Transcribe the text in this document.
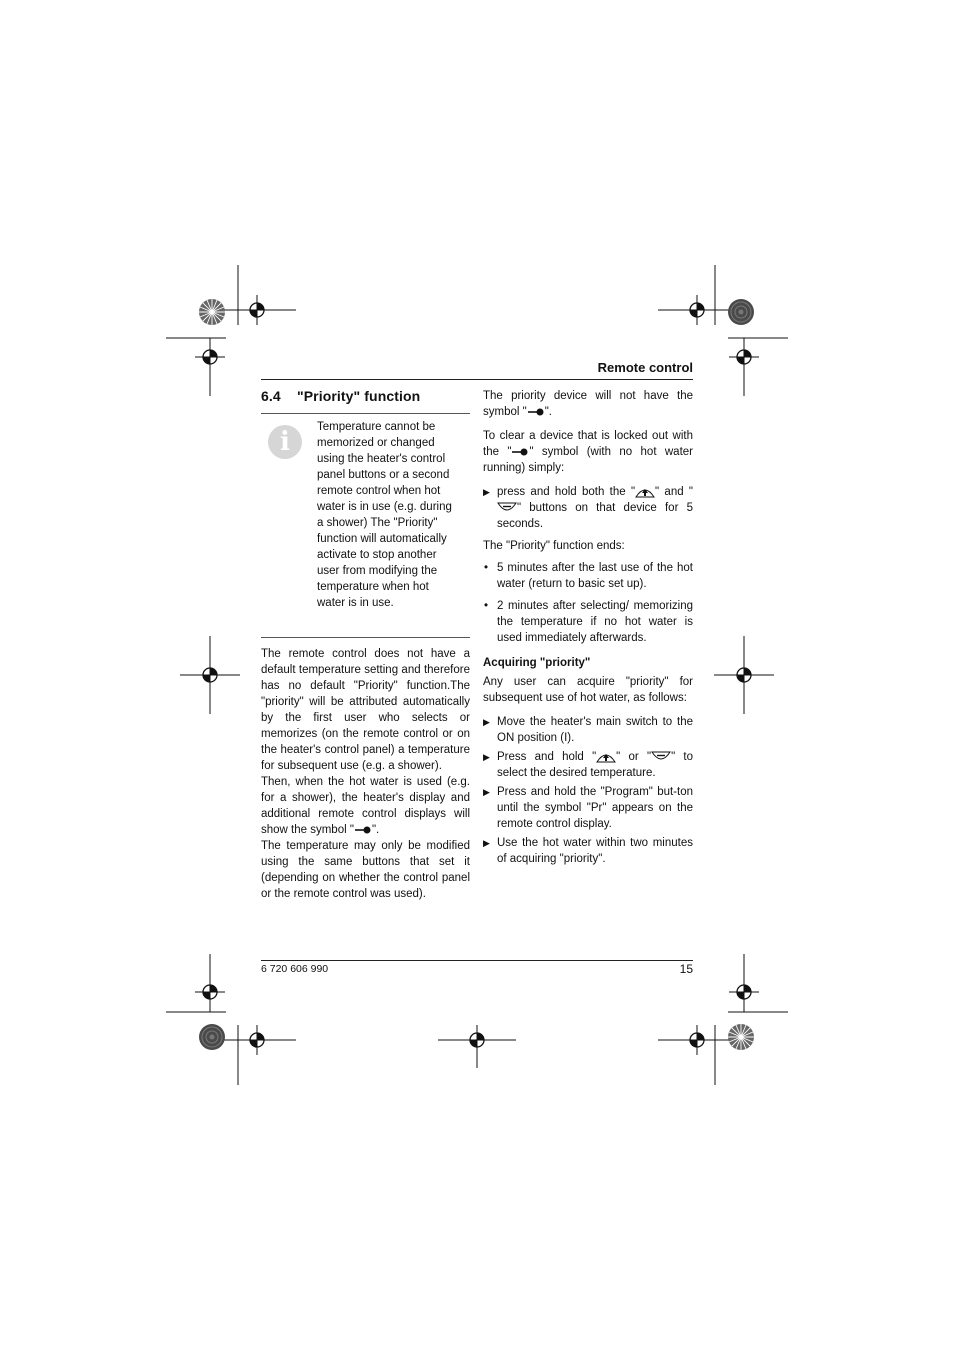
Remote control
6.4 "Priority" function
i	Temperature cannot be memorized or changed using the heater's control panel buttons or a second remote control when hot water is in use (e.g. during a shower) The "Priority" function will automatically activate to stop another user from modifying the temperature when hot water is in use.

The remote control does not have a default temperature setting and therefore has no default "Priority" function.The "priority" will be attributed automatically by the first user who selects or memorizes (on the remote control or on the heater's control panel) a temperature for subsequent use (e.g. a shower).

Then, when the hot water is used (e.g. for a shower), the heater's display and additional remote control displays will show the symbol " ".

The temperature may only be modified using the same buttons that set it (depending on whether the control panel or the remote control was used).

The priority device will not have the symbol " ".

To clear a device that is locked out with the " " symbol (with no hot water running) simply:

▶ press and hold both the " " and "" buttons on that device for 5 seconds.

The "Priority" function ends:

• 5 minutes after the last use of the hot water (return to basic set up).
• 2 minutes after selecting/ memorizing the temperature if no hot water is used immediately afterwards.

Acquiring "priority"

Any user can acquire "priority" for subsequent use of hot water, as follows:

▶ Move the heater's main switch to the ON position (I).
▶ Press and hold " " or " " to select the desired temperature.
▶ Press and hold the "Program" but-ton until the symbol "Pr" appears on the remote control display.
▶ Use the hot water within two minutes of acquiring "priority".
6 720 606 990	15
